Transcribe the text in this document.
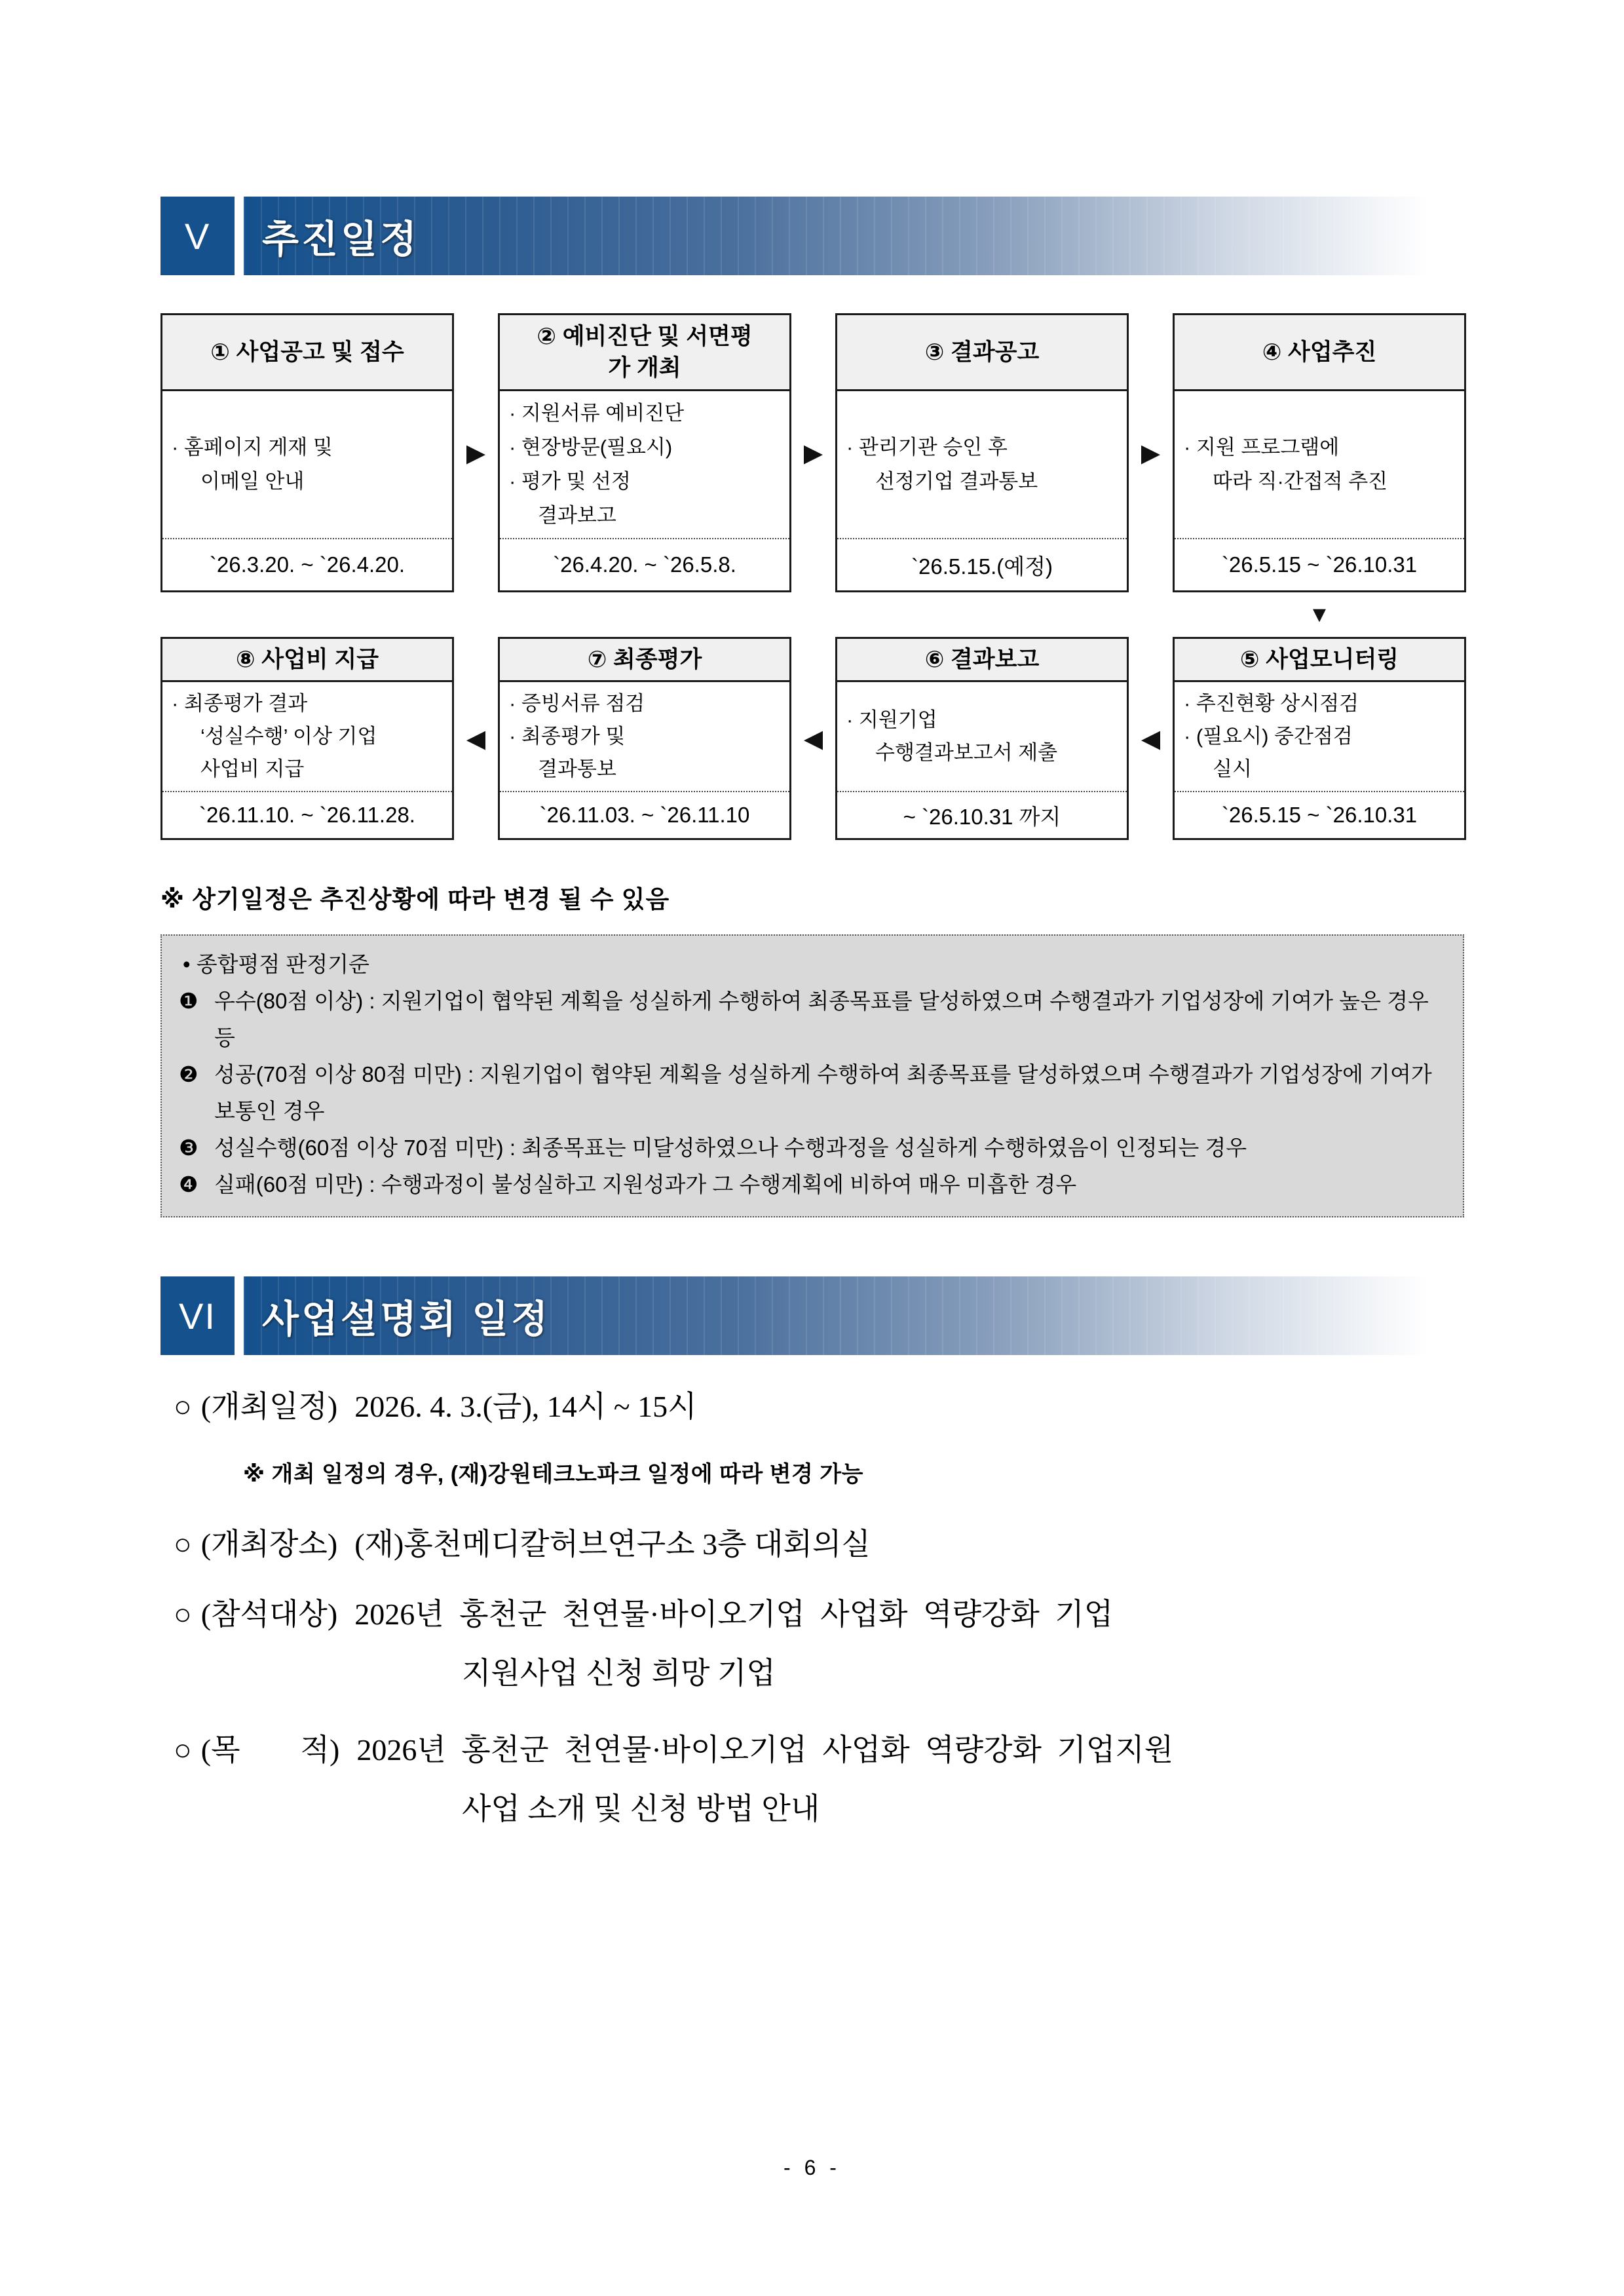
V	추진일정
① 사업공고 및 접수
· 홈페이지 게재 및
이메일 안내
`26.3.20. ~ `26.4.20.
▶
② 예비진단 및 서면평가 개최
· 지원서류 예비진단
· 현장방문(필요시)
· 평가 및 선정
결과보고
`26.4.20. ~ `26.5.8.
▶
③ 결과공고
· 관리기관 승인 후
선정기업 결과통보
`26.5.15.(예정)
▶
④ 사업추진
· 지원 프로그램에
따라 직·간접적 추진
`26.5.15 ~ `26.10.31
▼
⑧ 사업비 지급
· 최종평가 결과
‘성실수행’ 이상 기업
사업비 지급
`26.11.10. ~ `26.11.28.
◀
⑦ 최종평가
· 증빙서류 점검
· 최종평가 및
결과통보
`26.11.03. ~ `26.11.10
◀
⑥ 결과보고
· 지원기업
수행결과보고서 제출
~ `26.10.31 까지
◀
⑤ 사업모니터링
· 추진현황 상시점검
· (필요시) 중간점검
실시
`26.5.15 ~ `26.10.31
※ 상기일정은 추진상황에 따라 변경 될 수 있음
• 종합평점 판정기준
❶ 우수(80점 이상) : 지원기업이 협약된 계획을 성실하게 수행하여 최종목표를 달성하였으며 수행결과가 기업성장에 기여가 높은 경우 등
❷ 성공(70점 이상 80점 미만) : 지원기업이 협약된 계획을 성실하게 수행하여 최종목표를 달성하였으며 수행결과가 기업성장에 기여가 보통인 경우
❸ 성실수행(60점 이상 70점 미만) : 최종목표는 미달성하였으나 수행과정을 성실하게 수행하였음이 인정되는 경우
❹ 실패(60점 미만) : 수행과정이 불성실하고 지원성과가 그 수행계획에 비하여 매우 미흡한 경우
VI	사업설명회 일정
○ (개최일정) 2026. 4. 3.(금), 14시 ~ 15시
※ 개최 일정의 경우, (재)강원테크노파크 일정에 따라 변경 가능
○ (개최장소) (재)홍천메디칼허브연구소 3층 대회의실
○ (참석대상) 2026년 홍천군 천연물·바이오기업 사업화 역량강화 기업
지원사업 신청 희망 기업
○ (목  적) 2026년 홍천군 천연물·바이오기업 사업화 역량강화 기업지원
사업 소개 및 신청 방법 안내
- 6 -
